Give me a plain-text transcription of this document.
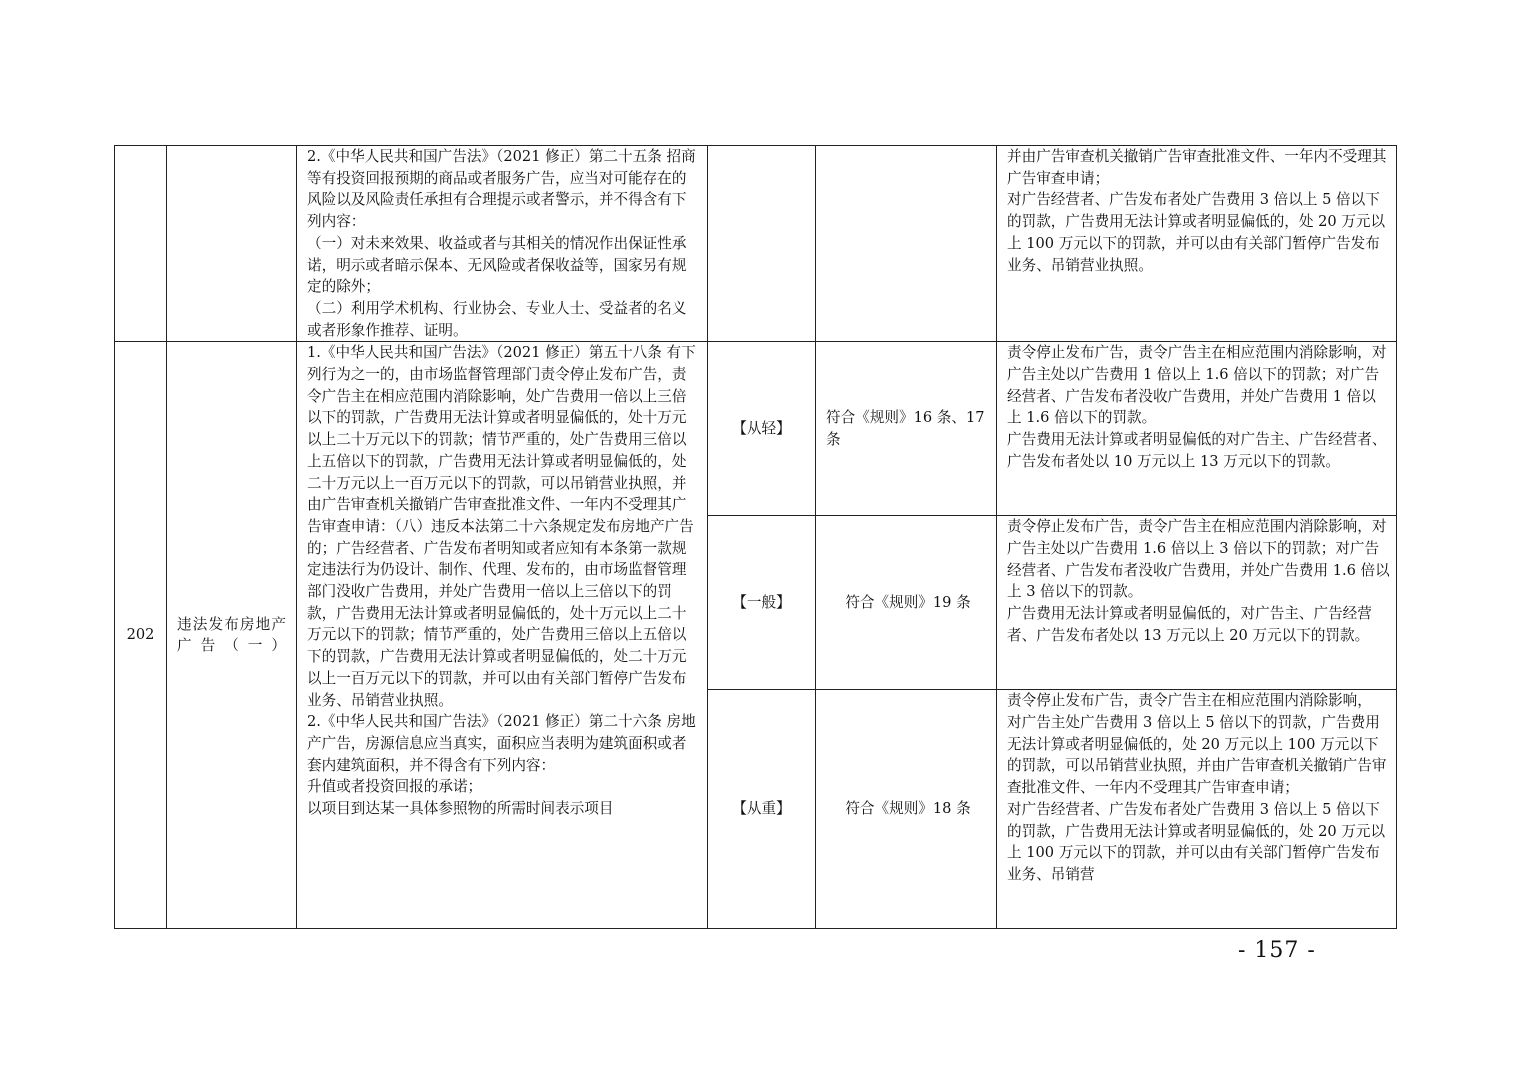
		2.《中华人民共和国广告法》（2021 修正）第二十五条 招商等有投资回报预期的商品或者服务广告，应当对可能存在的风险以及风险责任承担有合理提示或者警示，并不得含有下列内容：
（一）对未来效果、收益或者与其相关的情况作出保证性承诺，明示或者暗示保本、无风险或者保收益等，国家另有规定的除外；
（二）利用学术机构、行业协会、专业人士、受益者的名义或者形象作推荐、证明。			并由广告审查机关撤销广告审查批准文件、一年内不受理其广告审查申请；
对广告经营者、广告发布者处广告费用 3 倍以上 5 倍以下的罚款，广告费用无法计算或者明显偏低的，处 20 万元以上 100 万元以下的罚款，并可以由有关部门暂停广告发布业务、吊销营业执照。
202	违法发布房地产广告（一）	1.《中华人民共和国广告法》（2021 修正）第五十八条 有下列行为之一的，由市场监督管理部门责令停止发布广告，责令广告主在相应范围内消除影响，处广告费用一倍以上三倍以下的罚款，广告费用无法计算或者明显偏低的，处十万元以上二十万元以下的罚款；情节严重的，处广告费用三倍以上五倍以下的罚款，广告费用无法计算或者明显偏低的，处二十万元以上一百万元以下的罚款，可以吊销营业执照，并由广告审查机关撤销广告审查批准文件、一年内不受理其广告审查申请：（八）违反本法第二十六条规定发布房地产广告的；广告经营者、广告发布者明知或者应知有本条第一款规定违法行为仍设计、制作、代理、发布的，由市场监督管理部门没收广告费用，并处广告费用一倍以上三倍以下的罚款，广告费用无法计算或者明显偏低的，处十万元以上二十万元以下的罚款；情节严重的，处广告费用三倍以上五倍以下的罚款，广告费用无法计算或者明显偏低的，处二十万元以上一百万元以下的罚款，并可以由有关部门暂停广告发布业务、吊销营业执照。
2.《中华人民共和国广告法》（2021 修正）第二十六条 房地产广告，房源信息应当真实，面积应当表明为建筑面积或者套内建筑面积，并不得含有下列内容：
升值或者投资回报的承诺；
以项目到达某一具体参照物的所需时间表示项目	【从轻】	符合《规则》16 条、17 条	责令停止发布广告，责令广告主在相应范围内消除影响，对广告主处以广告费用 1 倍以上 1.6 倍以下的罚款；对广告经营者、广告发布者没收广告费用，并处广告费用 1 倍以上 1.6 倍以下的罚款。
广告费用无法计算或者明显偏低的对广告主、广告经营者、广告发布者处以 10 万元以上 13 万元以下的罚款。
			【一般】	符合《规则》19 条	责令停止发布广告，责令广告主在相应范围内消除影响，对广告主处以广告费用 1.6 倍以上 3 倍以下的罚款；对广告经营者、广告发布者没收广告费用，并处广告费用 1.6 倍以上 3 倍以下的罚款。
广告费用无法计算或者明显偏低的，对广告主、广告经营者、广告发布者处以 13 万元以上 20 万元以下的罚款。
			【从重】	符合《规则》18 条	责令停止发布广告，责令广告主在相应范围内消除影响，
对广告主处广告费用 3 倍以上 5 倍以下的罚款，广告费用无法计算或者明显偏低的，处 20 万元以上 100 万元以下的罚款，可以吊销营业执照，并由广告审查机关撤销广告审查批准文件、一年内不受理其广告审查申请；
对广告经营者、广告发布者处广告费用 3 倍以上 5 倍以下的罚款，广告费用无法计算或者明显偏低的，处 20 万元以上 100 万元以下的罚款，并可以由有关部门暂停广告发布业务、吊销营
- 157 -
